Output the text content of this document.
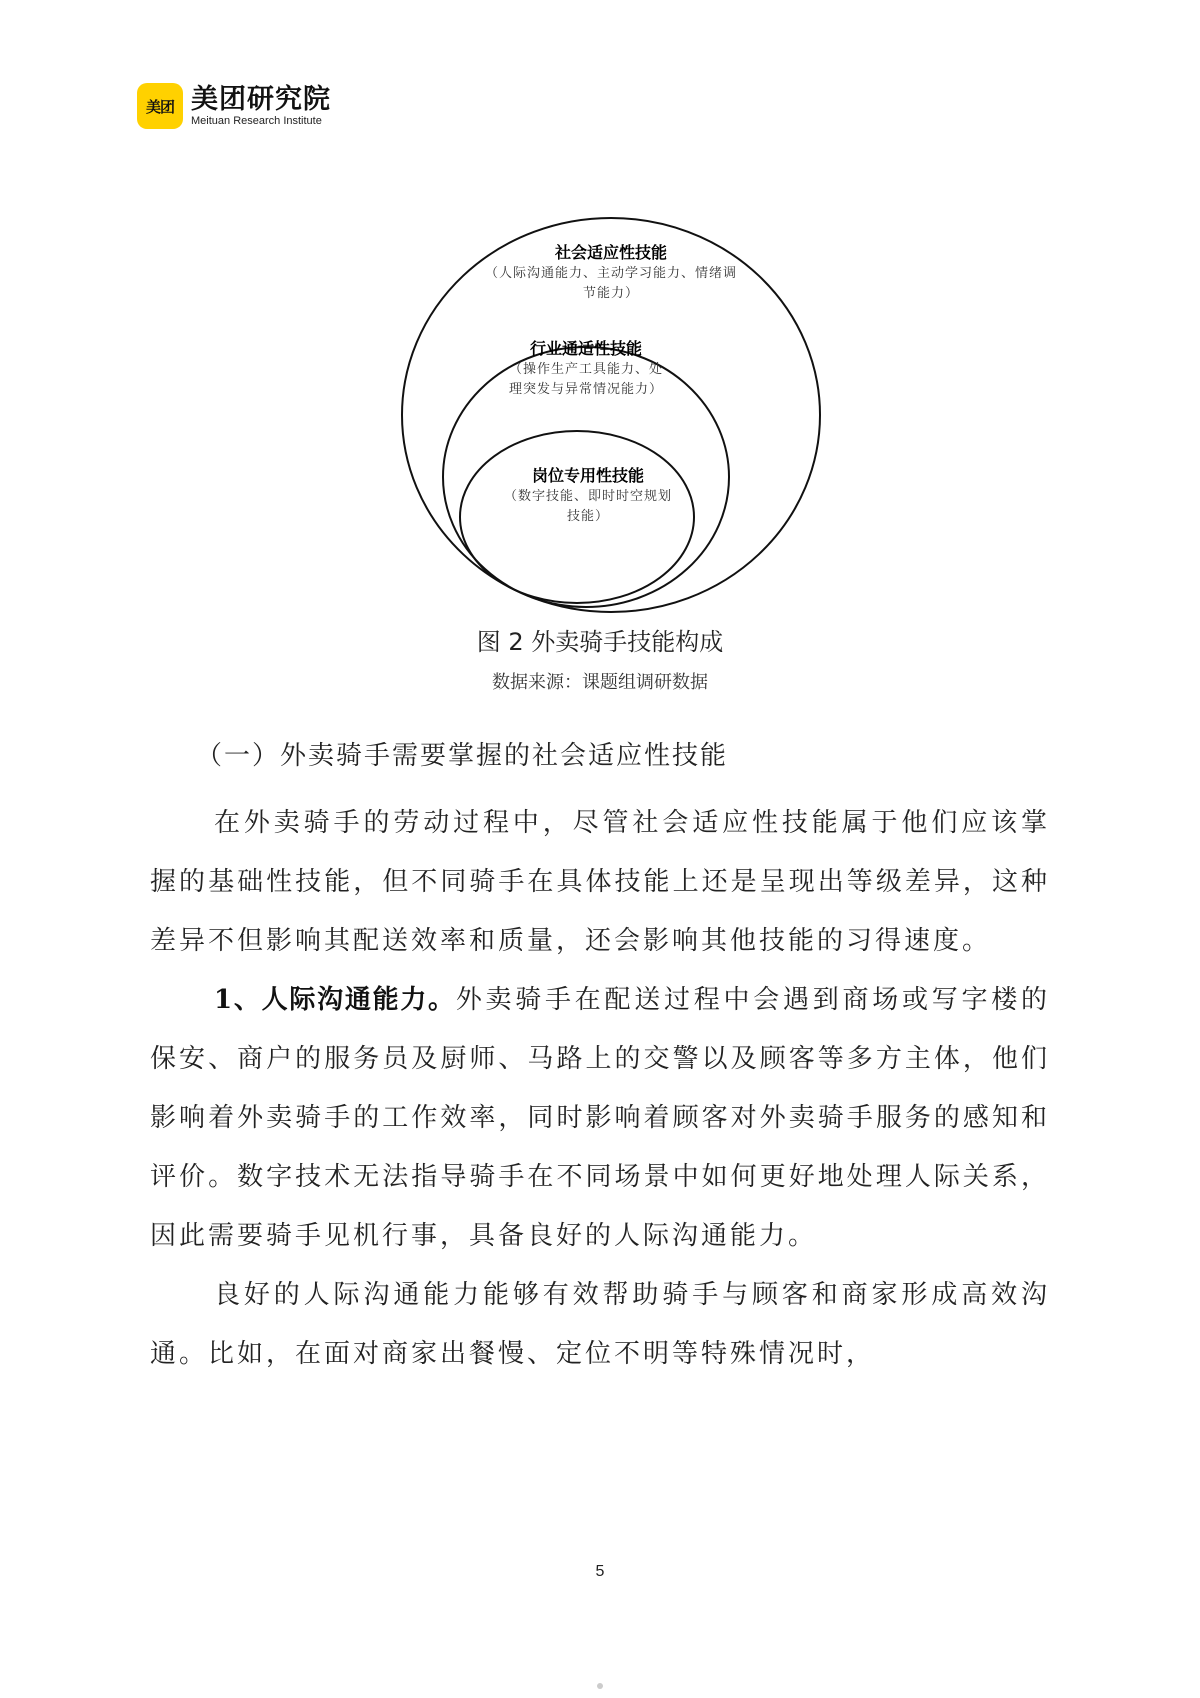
美团 美团研究院
Meituan Research Institute
社会适应性技能
（人际沟通能力、主动学习能力、情绪调
节能力）
行业通适性技能
（操作生产工具能力、处
理突发与异常情况能力）
岗位专用性技能
（数字技能、即时时空规划
技能）
图 2 外卖骑手技能构成
数据来源：课题组调研数据
（一）外卖骑手需要掌握的社会适应性技能

在外卖骑手的劳动过程中，尽管社会适应性技能属于他们应该掌握的基础性技能，但不同骑手在具体技能上还是呈现出等级差异，这种差异不但影响其配送效率和质量，还会影响其他技能的习得速度。

1、人际沟通能力。外卖骑手在配送过程中会遇到商场或写字楼的保安、商户的服务员及厨师、马路上的交警以及顾客等多方主体，他们影响着外卖骑手的工作效率，同时影响着顾客对外卖骑手服务的感知和评价。数字技术无法指导骑手在不同场景中如何更好地处理人际关系，因此需要骑手见机行事，具备良好的人际沟通能力。

良好的人际沟通能力能够有效帮助骑手与顾客和商家形成高效沟通。比如，在面对商家出餐慢、定位不明等特殊情况时，

5
